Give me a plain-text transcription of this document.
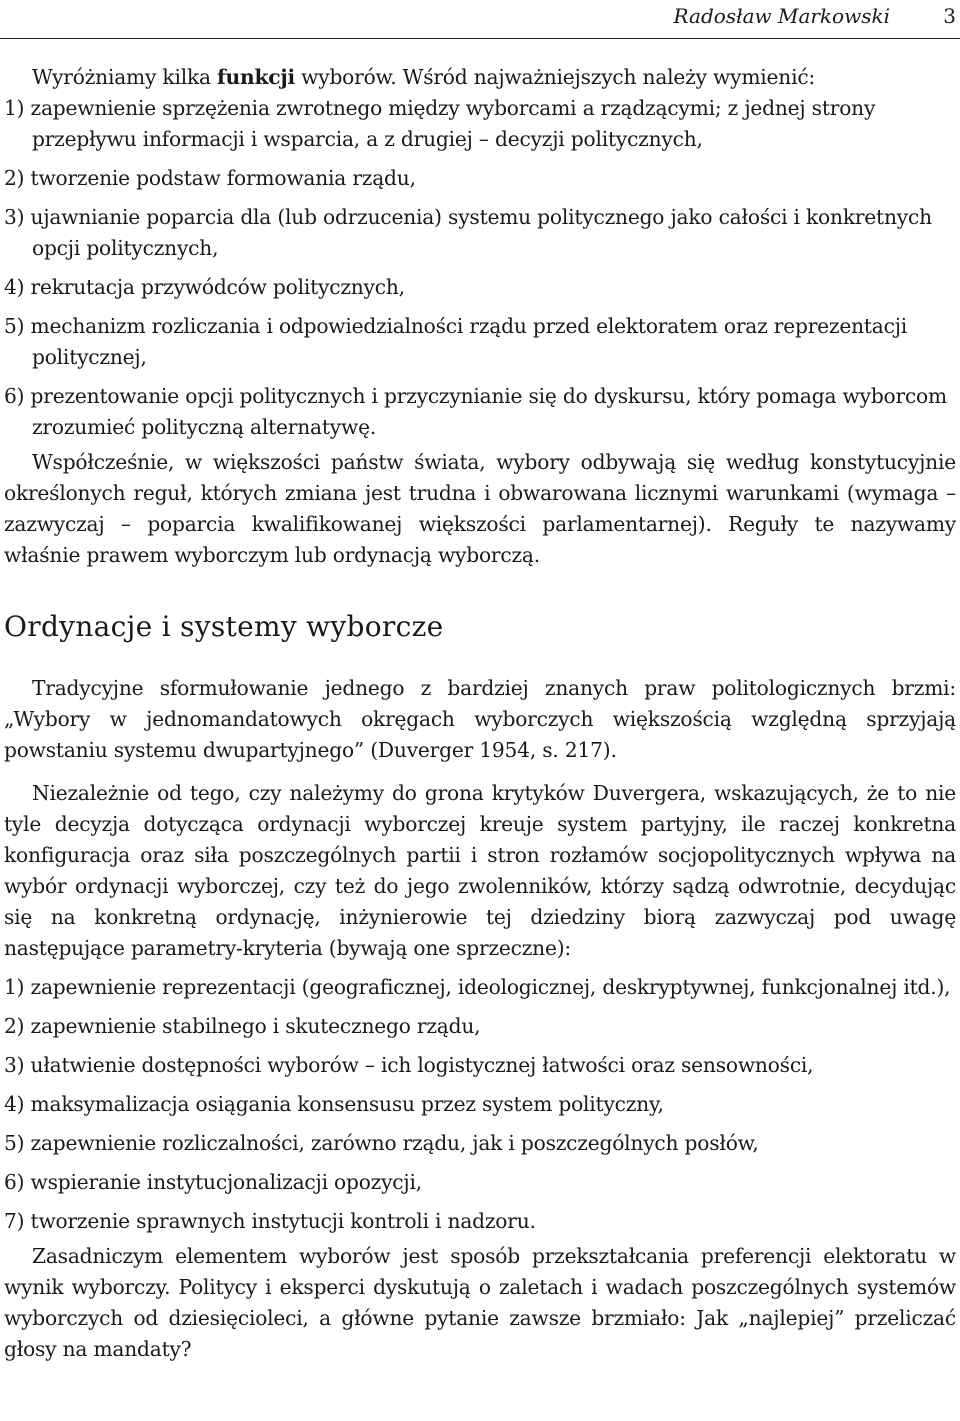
Radosław Markowski	3

Wyróżniamy kilka funkcji wyborów. Wśród najważniejszych należy wymienić:

1) zapewnienie sprzężenia zwrotnego między wyborcami a rządzącymi; z jednej strony przepływu informacji i wsparcia, a z drugiej – decyzji politycznych,

2) tworzenie podstaw formowania rządu,

3) ujawnianie poparcia dla (lub odrzucenia) systemu politycznego jako całości i konkretnych opcji politycznych,

4) rekrutacja przywódców politycznych,

5) mechanizm rozliczania i odpowiedzialności rządu przed elektoratem oraz reprezentacji politycznej,

6) prezentowanie opcji politycznych i przyczynianie się do dyskursu, który pomaga wyborcom zrozumieć polityczną alternatywę.

Współcześnie, w większości państw świata, wybory odbywają się według konstytucyjnie określonych reguł, których zmiana jest trudna i obwarowana licznymi warunkami (wymaga – zazwyczaj – poparcia kwalifikowanej większości parlamentarnej). Reguły te nazywamy właśnie prawem wyborczym lub ordynacją wyborczą.

Ordynacje i systemy wyborcze

Tradycyjne sformułowanie jednego z bardziej znanych praw politologicznych brzmi: „Wybory w jednomandatowych okręgach wyborczych większością względną sprzyjają powstaniu systemu dwupartyjnego” (Duverger 1954, s. 217).

Niezależnie od tego, czy należymy do grona krytyków Duvergera, wskazujących, że to nie tyle decyzja dotycząca ordynacji wyborczej kreuje system partyjny, ile raczej konkretna konfiguracja oraz siła poszczególnych partii i stron rozłamów socjopolitycznych wpływa na wybór ordynacji wyborczej, czy też do jego zwolenników, którzy sądzą odwrotnie, decydując się na konkretną ordynację, inżynierowie tej dziedziny biorą zazwyczaj pod uwagę następujące parametry-kryteria (bywają one sprzeczne):

1) zapewnienie reprezentacji (geograficznej, ideologicznej, deskryptywnej, funkcjonalnej itd.),

2) zapewnienie stabilnego i skutecznego rządu,

3) ułatwienie dostępności wyborów – ich logistycznej łatwości oraz sensowności,

4) maksymalizacja osiągania konsensusu przez system polityczny,

5) zapewnienie rozliczalności, zarówno rządu, jak i poszczególnych posłów,

6) wspieranie instytucjonalizacji opozycji,

7) tworzenie sprawnych instytucji kontroli i nadzoru.

Zasadniczym elementem wyborów jest sposób przekształcania preferencji elektoratu w wynik wyborczy. Politycy i eksperci dyskutują o zaletach i wadach poszczególnych systemów wyborczych od dziesięcioleci, a główne pytanie zawsze brzmiało: Jak „najlepiej” przeliczać głosy na mandaty?
